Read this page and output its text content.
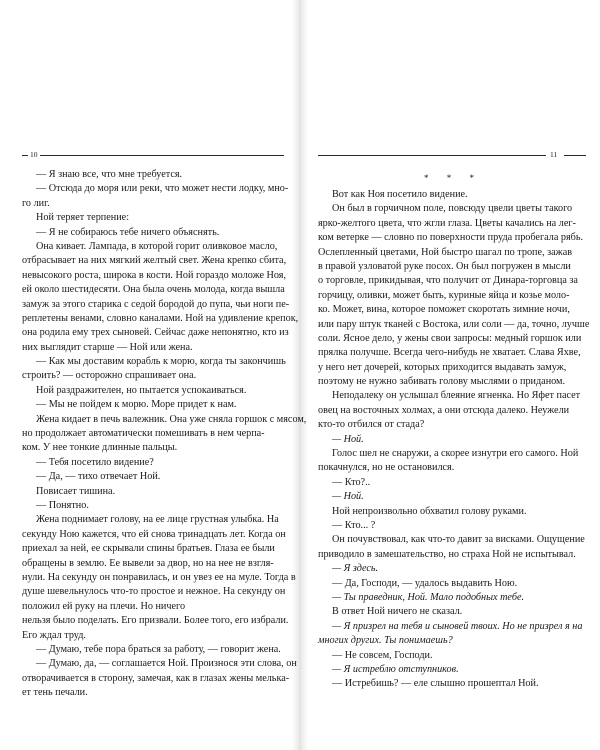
10
— Я знаю все, что мне требуется.
— Отсюда до моря или реки, что может нести лодку, мно-
го лиг.
Ной теряет терпение:
— Я не собираюсь тебе ничего объяснять.
Она кивает. Лампада, в которой горит оливковое масло,
отбрасывает на них мягкий желтый свет. Жена крепко сбита,
невысокого роста, широка в кости. Ной гораздо моложе Ноя,
ей около шестидесяти. Она была очень молода, когда вышла
замуж за этого старика с седой бородой до пупа, чьи ноги пе-
реплетены венами, словно каналами. Ной на удивление крепок,
она родила ему трех сыновей. Сейчас даже непонятно, кто из
них выглядит старше — Ной или жена.
— Как мы доставим корабль к морю, когда ты закончишь
строить? — осторожно спрашивает она.
Ной раздражителен, но пытается успокаиваться.
— Мы не пойдем к морю. Море придет к нам.
Жена кидает в печь валежник. Она уже сняла горшок с мясом,
но продолжает автоматически помешивать в нем черпа-
ком. У нее тонкие длинные пальцы.
— Тебя посетило видение?
— Да, — тихо отвечает Ной.
Повисает тишина.
— Понятно.
Жена поднимает голову, на ее лице грустная улыбка. На
секунду Ною кажется, что ей снова тринадцать лет. Когда он
приехал за ней, ее скрывали спины братьев. Глаза ее были
обращены в землю. Ее вывели за двор, но на нее не взгля-
нули. На секунду он понравилась, и он увез ее на муле. Тогда в
душе шевельнулось что-то простое и нежное. На секунду он
положил ей руку на плечи. Но ничего
нельзя было поделать. Его призвали. Более того, его избрали.
Его ждал труд.
— Думаю, тебе пора браться за работу, — говорит жена.
— Думаю, да, — соглашается Ной. Произнося эти слова, он
отворачивается в сторону, замечая, как в глазах жены мелька-
ет тень печали.
11
* * *
Вот как Ноя посетило видение.
Он был в горчичном поле, повсюду цвели цветы такого
ярко-желтого цвета, что жгли глаза. Цветы качались на лег-
ком ветерке — словно по поверхности пруда пробегала рябь.
Ослепленный цветами, Ной быстро шагал по тропе, зажав
в правой узловатой руке посох. Он был погружен в мысли
о торговле, прикидывая, что получит от Динара-торговца за
горчицу, оливки, может быть, куриные яйца и козье моло-
ко. Может, вина, которое поможет скоротать зимние ночи,
или пару штук тканей с Востока, или соли — да, точно, лучше
соли. Ясное дело, у жены свои запросы: медный горшок или
прялка получше. Всегда чего-нибудь не хватает. Слава Яхве,
у него нет дочерей, которых приходится выдавать замуж,
поэтому не нужно забивать голову мыслями о приданом.
Неподалеку он услышал блеяние ягненка. Но Яфет пасет
овец на восточных холмах, а они отсюда далеко. Неужели
кто-то отбился от стада?
— Ной.
Голос шел не снаружи, а скорее изнутри его самого. Ной
покачнулся, но не остановился.
— Кто?..
— Ной.
Ной непроизвольно обхватил голову руками.
— Кто... ?
Он почувствовал, как что-то давит за висками. Ощущение
приводило в замешательство, но страха Ной не испытывал.
— Я здесь.
— Да, Господи, — удалось выдавить Ною.
— Ты праведник, Ной. Мало подобных тебе.
В ответ Ной ничего не сказал.
— Я призрел на тебя и сыновей твоих. Но не призрел я на
многих других. Ты понимаешь?
— Не совсем, Господи.
— Я истреблю отступников.
— Истребишь? — еле слышно прошептал Ной.
